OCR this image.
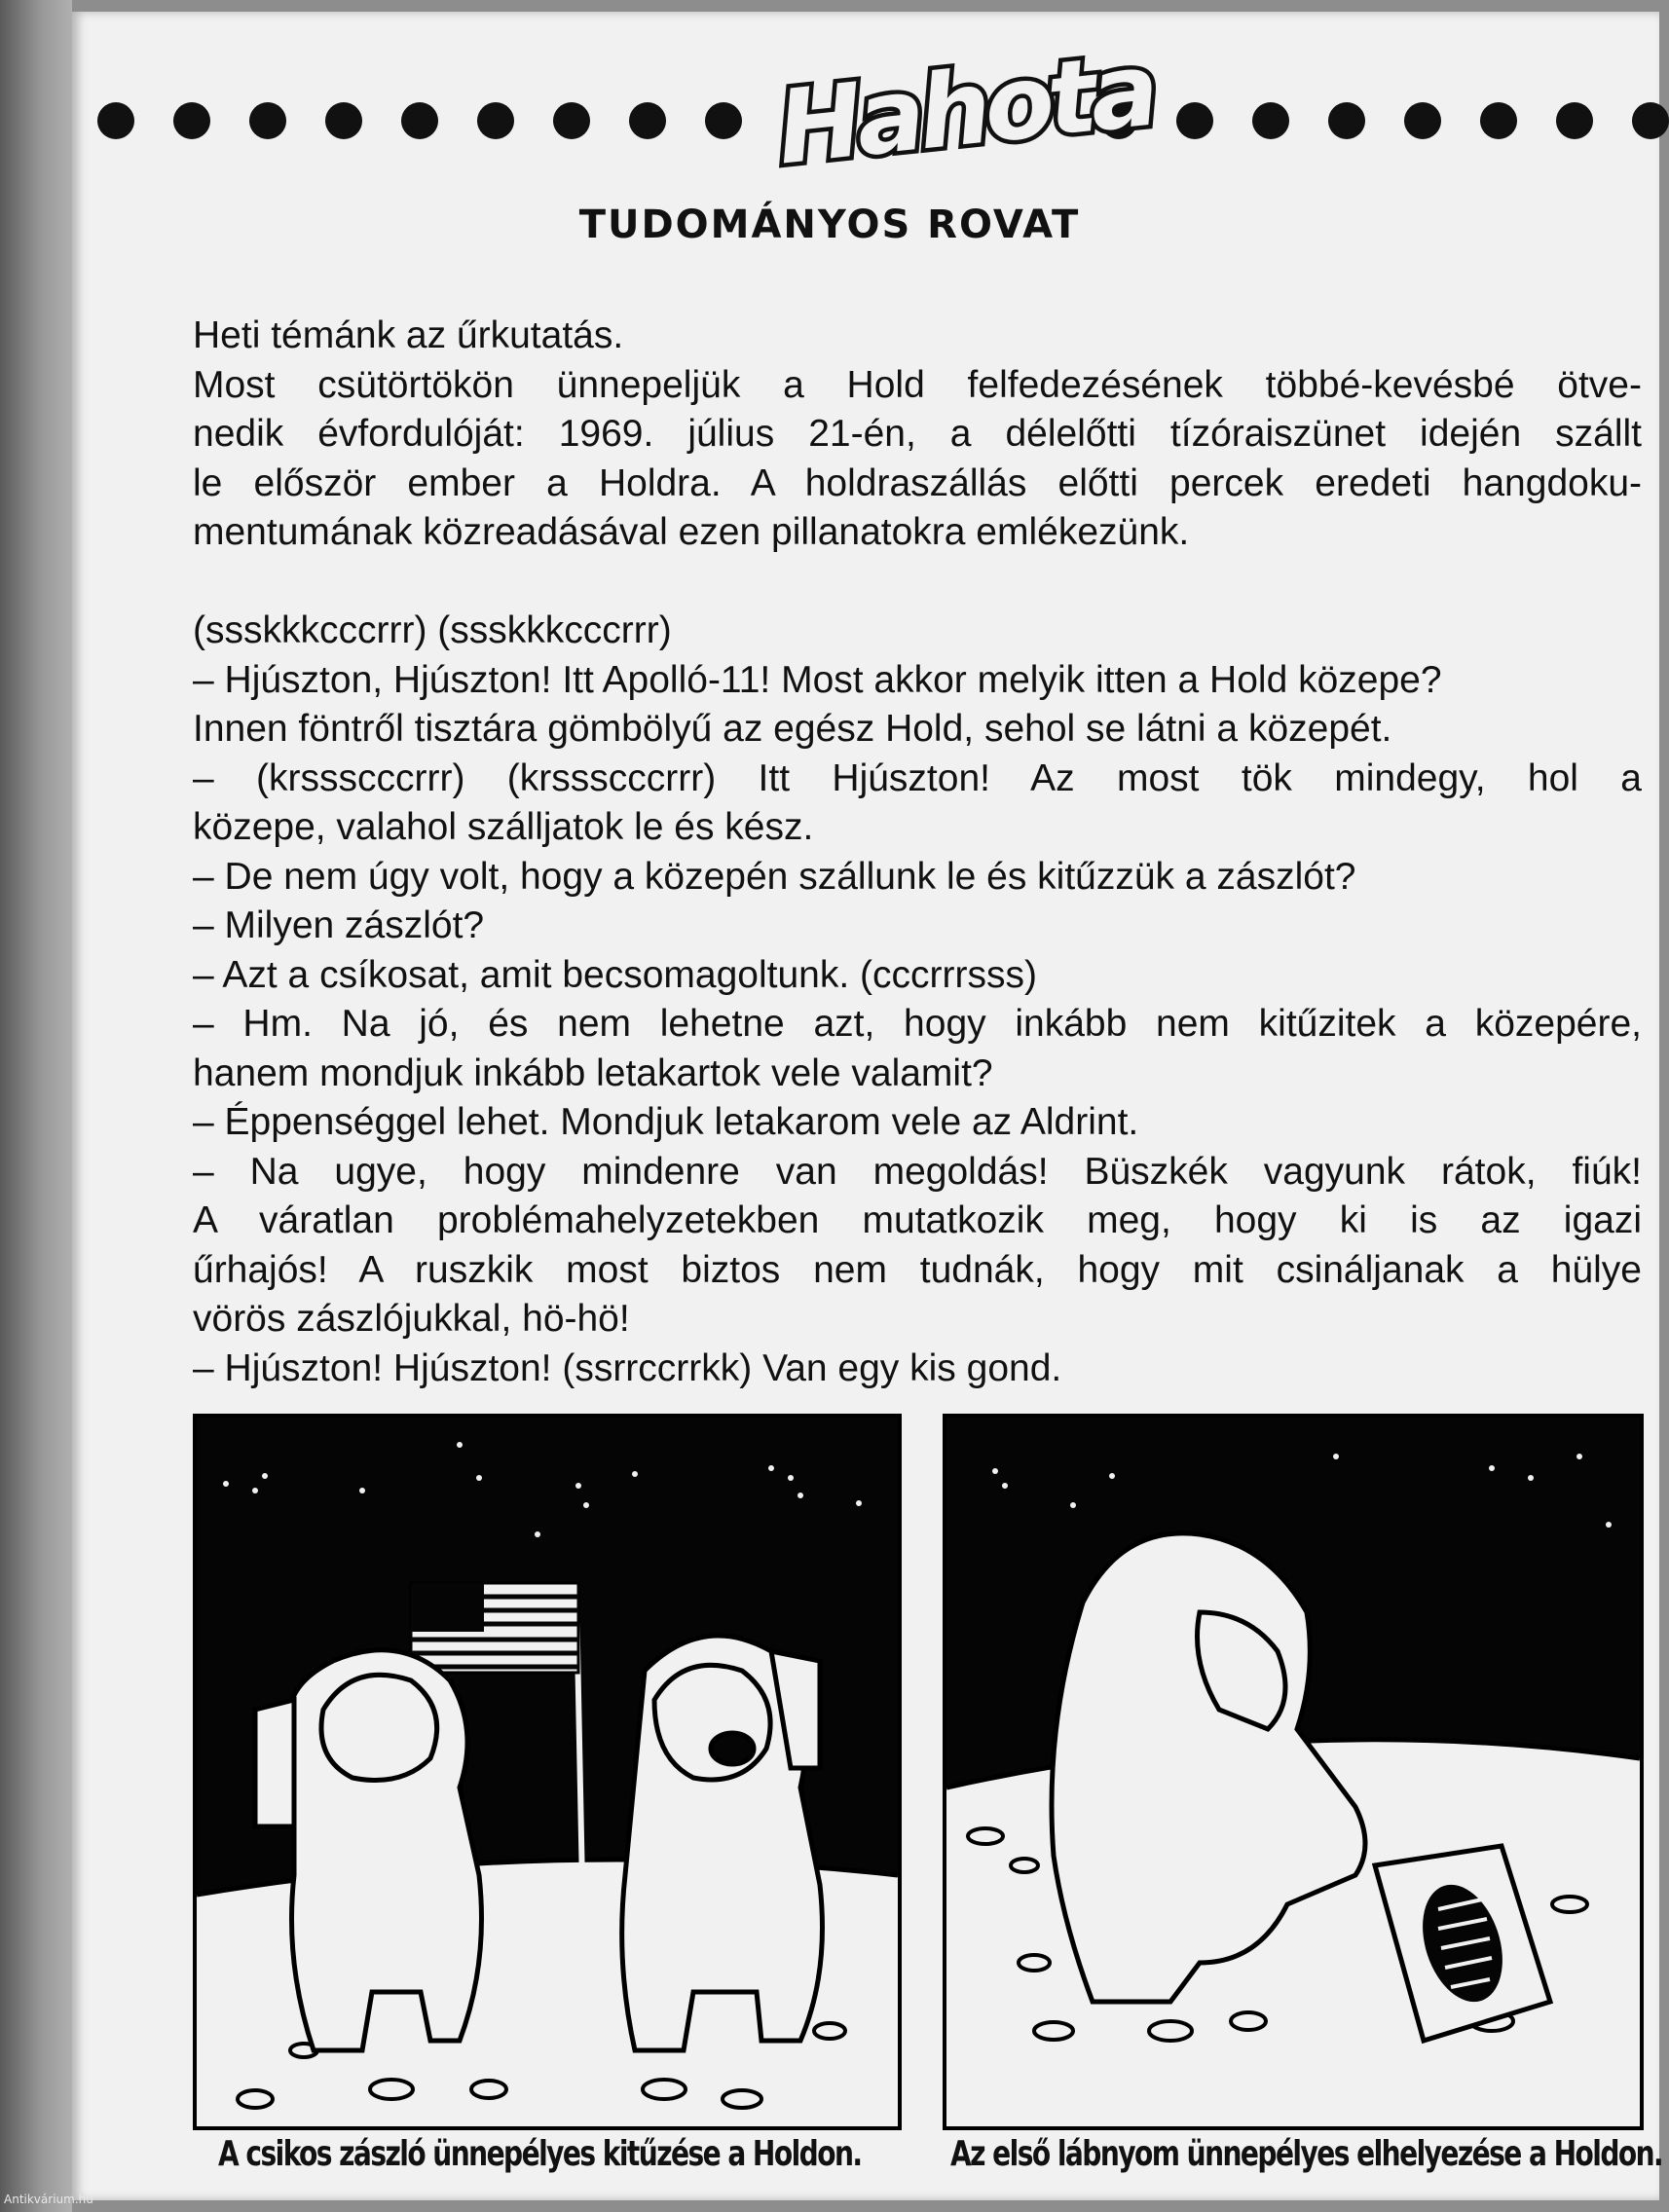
Hahota
TUDOMÁNYOS ROVAT
Heti témánk az űrkutatás.
Most csütörtökön ünnepeljük a Hold felfedezésének többé-kevésbé ötve-
nedik évfordulóját: 1969. július 21-én, a délelőtti tízóraiszünet idején szállt
le először ember a Holdra. A holdraszállás előtti percek eredeti hangdoku-
mentumának közreadásával ezen pillanatokra emlékezünk.
(ssskkkcccrrr) (ssskkkcccrrr)
– Hjúszton, Hjúszton! Itt Apolló-11! Most akkor melyik itten a Hold közepe?
Innen föntről tisztára gömbölyű az egész Hold, sehol se látni a közepét.
– (krssscccrrr) (krssscccrrr) Itt Hjúszton! Az most tök mindegy, hol a
közepe, valahol szálljatok le és kész.
– De nem úgy volt, hogy a közepén szállunk le és kitűzzük a zászlót?
– Milyen zászlót?
– Azt a csíkosat, amit becsomagoltunk. (cccrrrsss)
– Hm. Na jó, és nem lehetne azt, hogy inkább nem kitűzitek a közepére,
hanem mondjuk inkább letakartok vele valamit?
– Éppenséggel lehet. Mondjuk letakarom vele az Aldrint.
– Na ugye, hogy mindenre van megoldás! Büszkék vagyunk rátok, fiúk!
A váratlan problémahelyzetekben mutatkozik meg, hogy ki is az igazi
űrhajós! A ruszkik most biztos nem tudnák, hogy mit csináljanak a hülye
vörös zászlójukkal, hö-hö!
– Hjúszton! Hjúszton! (ssrrccrrkk) Van egy kis gond.
A csikos zászló ünnepélyes kitűzése a Holdon.	Az első lábnyom ünnepélyes elhelyezése a Holdon.
Antikvárium.hu
